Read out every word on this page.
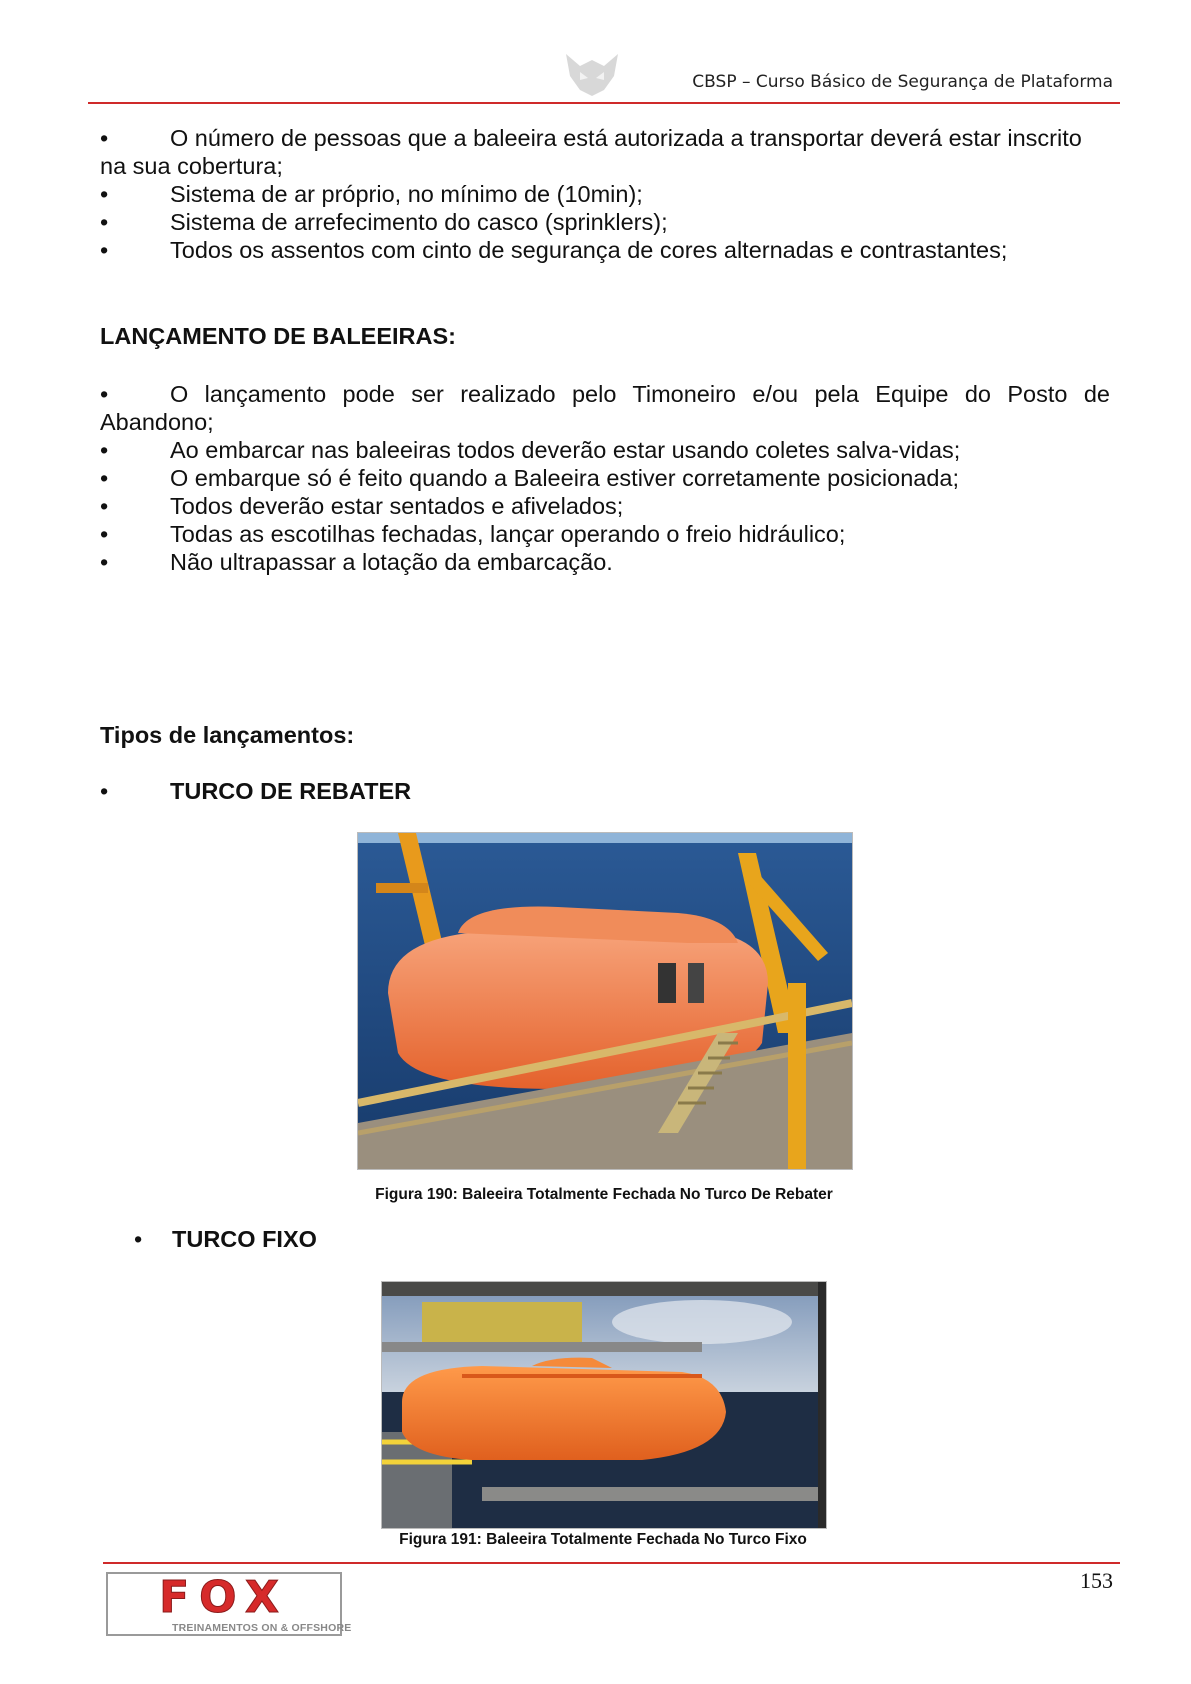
CBSP – Curso Básico de Segurança de Plataforma

•	O número de pessoas que a baleeira está autorizada a transportar deverá estar inscrito na sua cobertura;

•	Sistema de ar próprio, no mínimo de (10min);

•	Sistema de arrefecimento do casco (sprinklers);

•	Todos os assentos com cinto de segurança de cores alternadas e contrastantes;

LANÇAMENTO DE BALEEIRAS:

•	O lançamento pode ser realizado pelo Timoneiro e/ou pela Equipe do Posto de Abandono;

•	Ao embarcar nas baleeiras todos deverão estar usando coletes salva-vidas;

•	O embarque só é feito quando a Baleeira estiver corretamente posicionada;

•	Todos deverão estar sentados e afivelados;

•	Todas as escotilhas fechadas, lançar operando o freio hidráulico;

•	Não ultrapassar a lotação da embarcação.

Tipos de lançamentos:
•	TURCO DE REBATER
Figura 190: Baleeira Totalmente Fechada No Turco De Rebater
• TURCO FIXO
Figura 191: Baleeira Totalmente Fechada No Turco Fixo
153
FOX
TREINAMENTOS ON & OFFSHORE
